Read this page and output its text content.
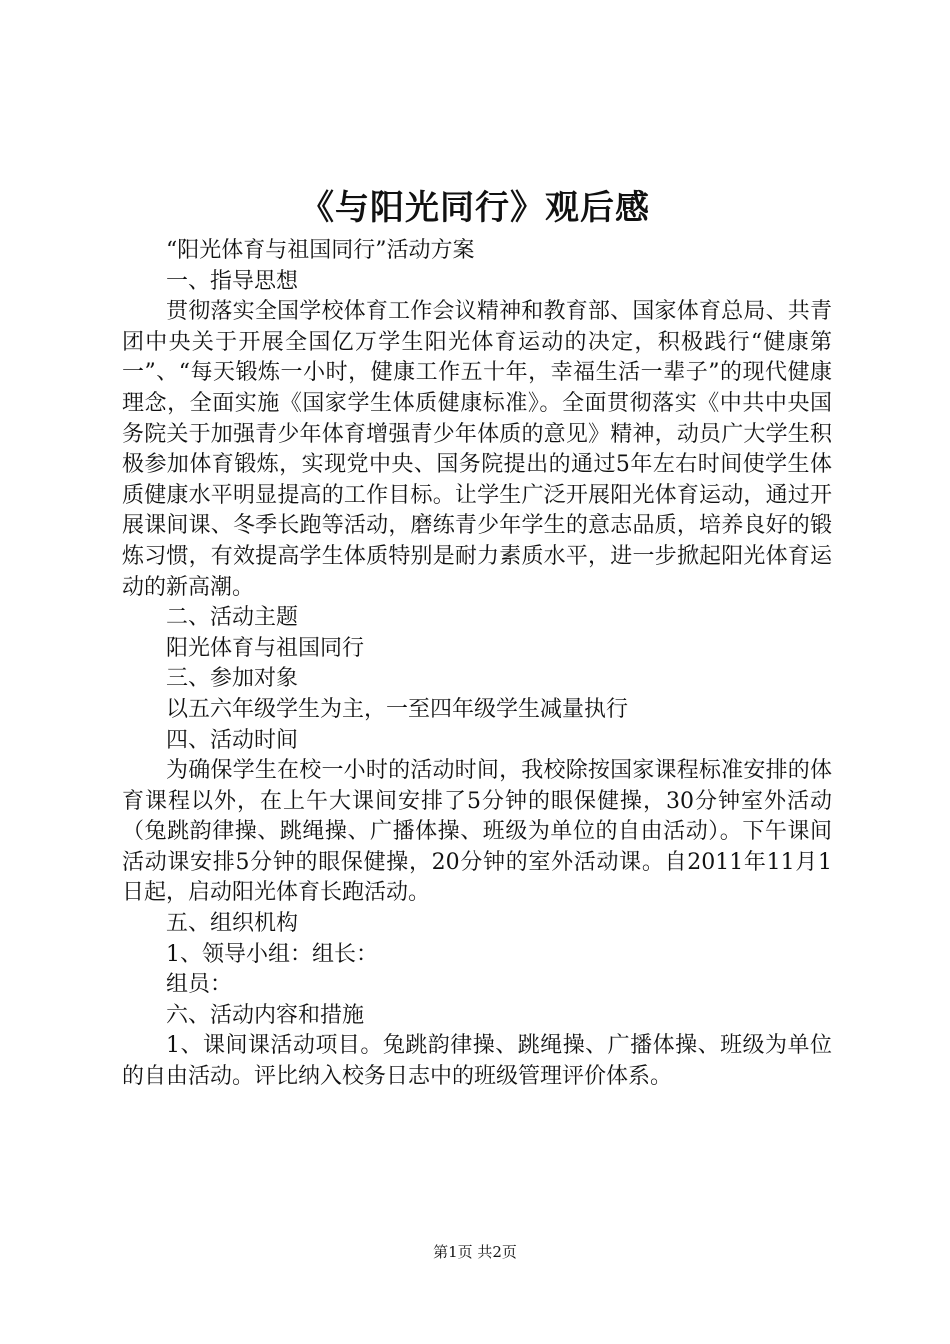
《与阳光同行》观后感

“阳光体育与祖国同行”活动方案

一、指导思想

贯彻落实全国学校体育工作会议精神和教育部、国家体育总局、共青团中央关于开展全国亿万学生阳光体育运动的决定，积极践行“健康第一”、“每天锻炼一小时，健康工作五十年，幸福生活一辈子”的现代健康理念，全面实施《国家学生体质健康标准》。全面贯彻落实《中共中央国务院关于加强青少年体育增强青少年体质的意见》精神，动员广大学生积极参加体育锻炼，实现党中央、国务院提出的通过5年左右时间使学生体质健康水平明显提高的工作目标。让学生广泛开展阳光体育运动，通过开展课间课、冬季长跑等活动，磨练青少年学生的意志品质，培养良好的锻炼习惯，有效提高学生体质特别是耐力素质水平，进一步掀起阳光体育运动的新高潮。

二、活动主题

阳光体育与祖国同行

三、参加对象

以五六年级学生为主，一至四年级学生减量执行

四、活动时间

为确保学生在校一小时的活动时间，我校除按国家课程标准安排的体育课程以外，在上午大课间安排了5分钟的眼保健操，30分钟室外活动（兔跳韵律操、跳绳操、广播体操、班级为单位的自由活动）。下午课间活动课安排5分钟的眼保健操，20分钟的室外活动课。自2011年11月1日起，启动阳光体育长跑活动。

五、组织机构

1、领导小组：组长：

组员：

六、活动内容和措施

1、课间课活动项目。兔跳韵律操、跳绳操、广播体操、班级为单位的自由活动。评比纳入校务日志中的班级管理评价体系。

第1页 共2页
